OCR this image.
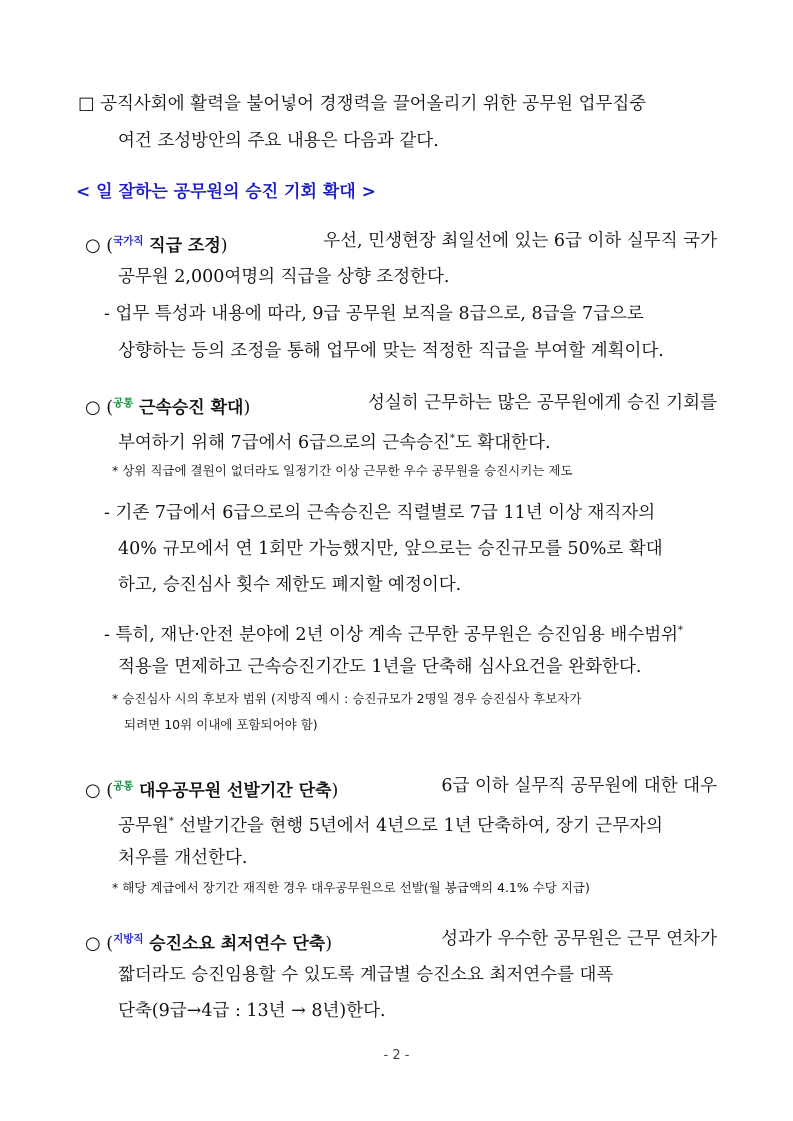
□ 공직사회에 활력을 불어넣어 경쟁력을 끌어올리기 위한 공무원 업무집중
여건 조성방안의 주요 내용은 다음과 같다.
< 일 잘하는 공무원의 승진 기회 확대 >
○ ($^{국가직}$ 직급 조정)	우선, 민생현장 최일선에 있는 6급 이하 실무직 국가
공무원 2,000여명의 직급을 상향 조정한다.
- 업무 특성과 내용에 따라, 9급 공무원 보직을 8급으로, 8급을 7급으로
상향하는 등의 조정을 통해 업무에 맞는 적정한 직급을 부여할 계획이다.
○ ($^{공통}$ 근속승진 확대)	성실히 근무하는 많은 공무원에게 승진 기회를
부여하기 위해 7급에서 6급으로의 근속승진*도 확대한다.
* 상위 직급에 결원이 없더라도 일정기간 이상 근무한 우수 공무원을 승진시키는 제도
- 기존 7급에서 6급으로의 근속승진은 직렬별로 7급 11년 이상 재직자의
40% 규모에서 연 1회만 가능했지만, 앞으로는 승진규모를 50%로 확대
하고, 승진심사 횟수 제한도 폐지할 예정이다.
- 특히, 재난·안전 분야에 2년 이상 계속 근무한 공무원은 승진임용 배수범위*
적용을 면제하고 근속승진기간도 1년을 단축해 심사요건을 완화한다.
* 승진심사 시의 후보자 범위 (지방직 예시 : 승진규모가 2명일 경우 승진심사 후보자가
되려면 10위 이내에 포함되어야 함)
○ ($^{공통}$ 대우공무원 선발기간 단축)	6급 이하 실무직 공무원에 대한 대우
공무원* 선발기간을 현행 5년에서 4년으로 1년 단축하여, 장기 근무자의
처우를 개선한다.
* 해당 계급에서 장기간 재직한 경우 대우공무원으로 선발(월 봉급액의 4.1% 수당 지급)
○ ($^{지방직}$ 승진소요 최저연수 단축)	성과가 우수한 공무원은 근무 연차가
짧더라도 승진임용할 수 있도록 계급별 승진소요 최저연수를 대폭
단축(9급→4급 : 13년 → 8년)한다.
- 2 -
